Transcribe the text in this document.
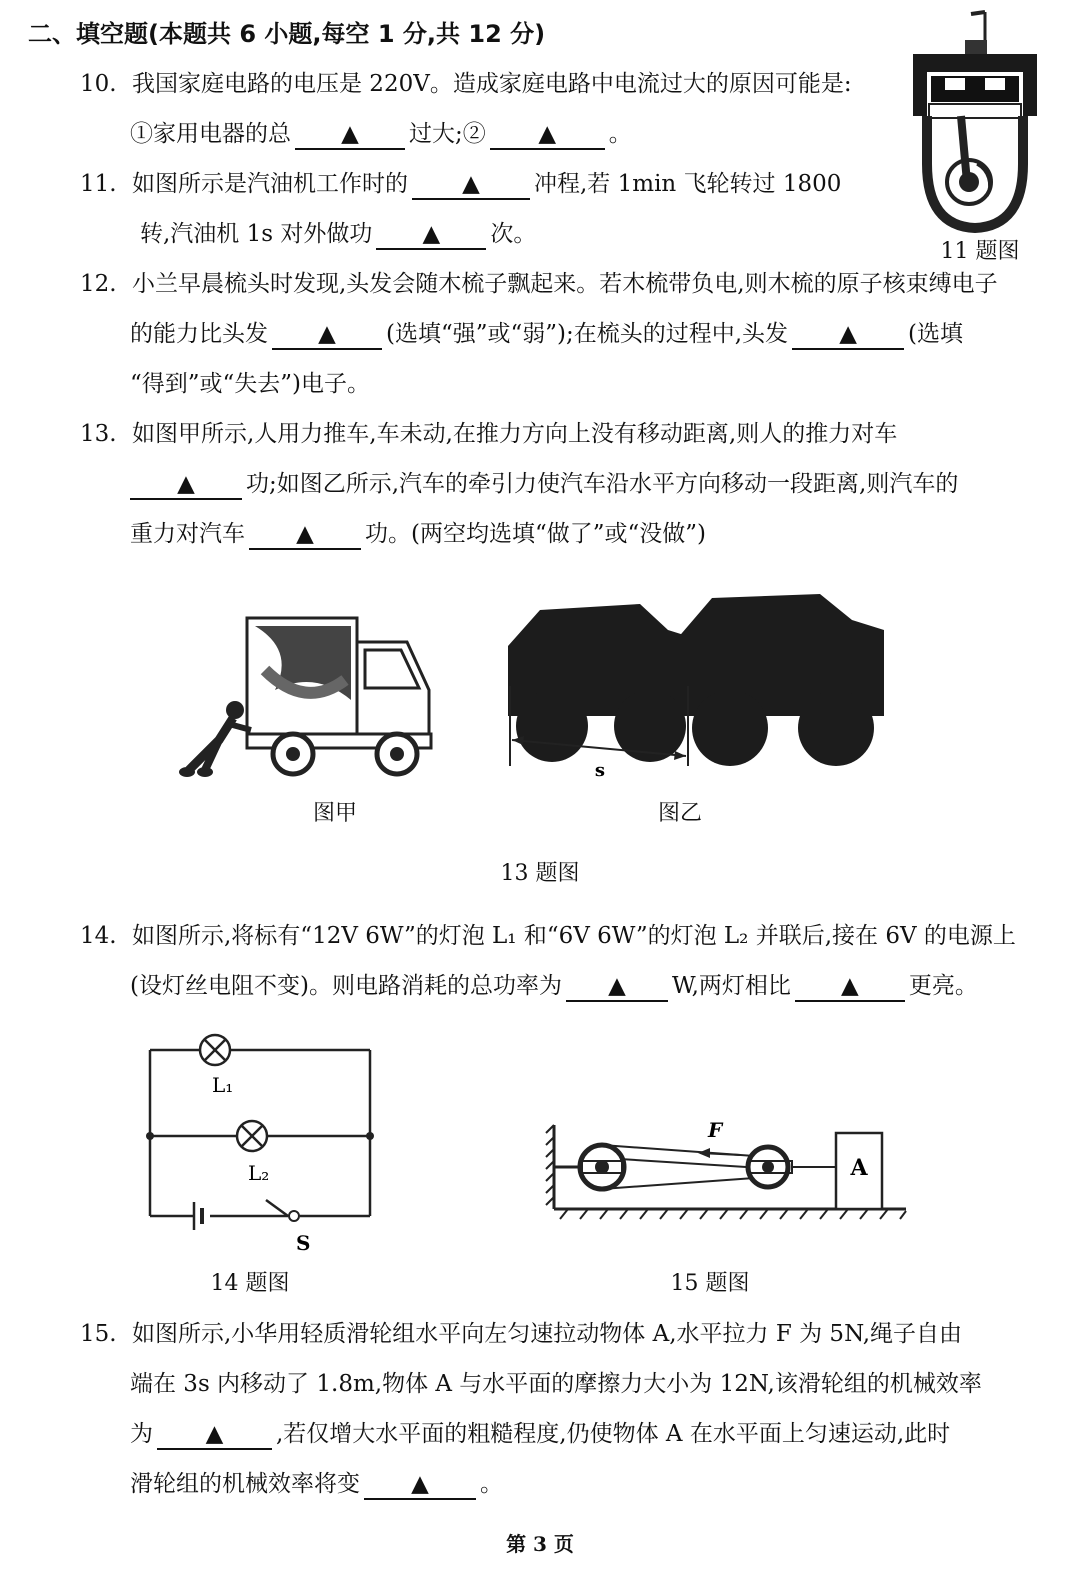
二、填空题(本题共 6 小题,每空 1 分,共 12 分)
10. 我国家庭电路的电压是 220V。造成家庭电路中电流过大的原因可能是:
①家用电器的总 ▲ 过大;② ▲ 。
11. 如图所示是汽油机工作时的 ▲ 冲程,若 1min 飞轮转过 1800
转,汽油机 1s 对外做功 ▲ 次。
11 题图
12. 小兰早晨梳头时发现,头发会随木梳子飘起来。若木梳带负电,则木梳的原子核束缚电子
的能力比头发 ▲ (选填“强”或“弱”);在梳头的过程中,头发 ▲ (选填
“得到”或“失去”)电子。
13. 如图甲所示,人用力推车,车未动,在推力方向上没有移动距离,则人的推力对车
▲ 功;如图乙所示,汽车的牵引力使汽车沿水平方向移动一段距离,则汽车的
重力对汽车 ▲ 功。(两空均选填“做了”或“没做”)
图甲
s
图乙
13 题图
14. 如图所示,将标有“12V 6W”的灯泡 L₁ 和“6V 6W”的灯泡 L₂ 并联后,接在 6V 的电源上
(设灯丝电阻不变)。则电路消耗的总功率为 ▲ W,两灯相比 ▲ 更亮。
L₁
L₂
S
14 题图
A
F
15 题图
15. 如图所示,小华用轻质滑轮组水平向左匀速拉动物体 A,水平拉力 F 为 5N,绳子自由
端在 3s 内移动了 1.8m,物体 A 与水平面的摩擦力大小为 12N,该滑轮组的机械效率
为 ▲ ,若仅增大水平面的粗糙程度,仍使物体 A 在水平面上匀速运动,此时
滑轮组的机械效率将变 ▲ 。
第 3 页
